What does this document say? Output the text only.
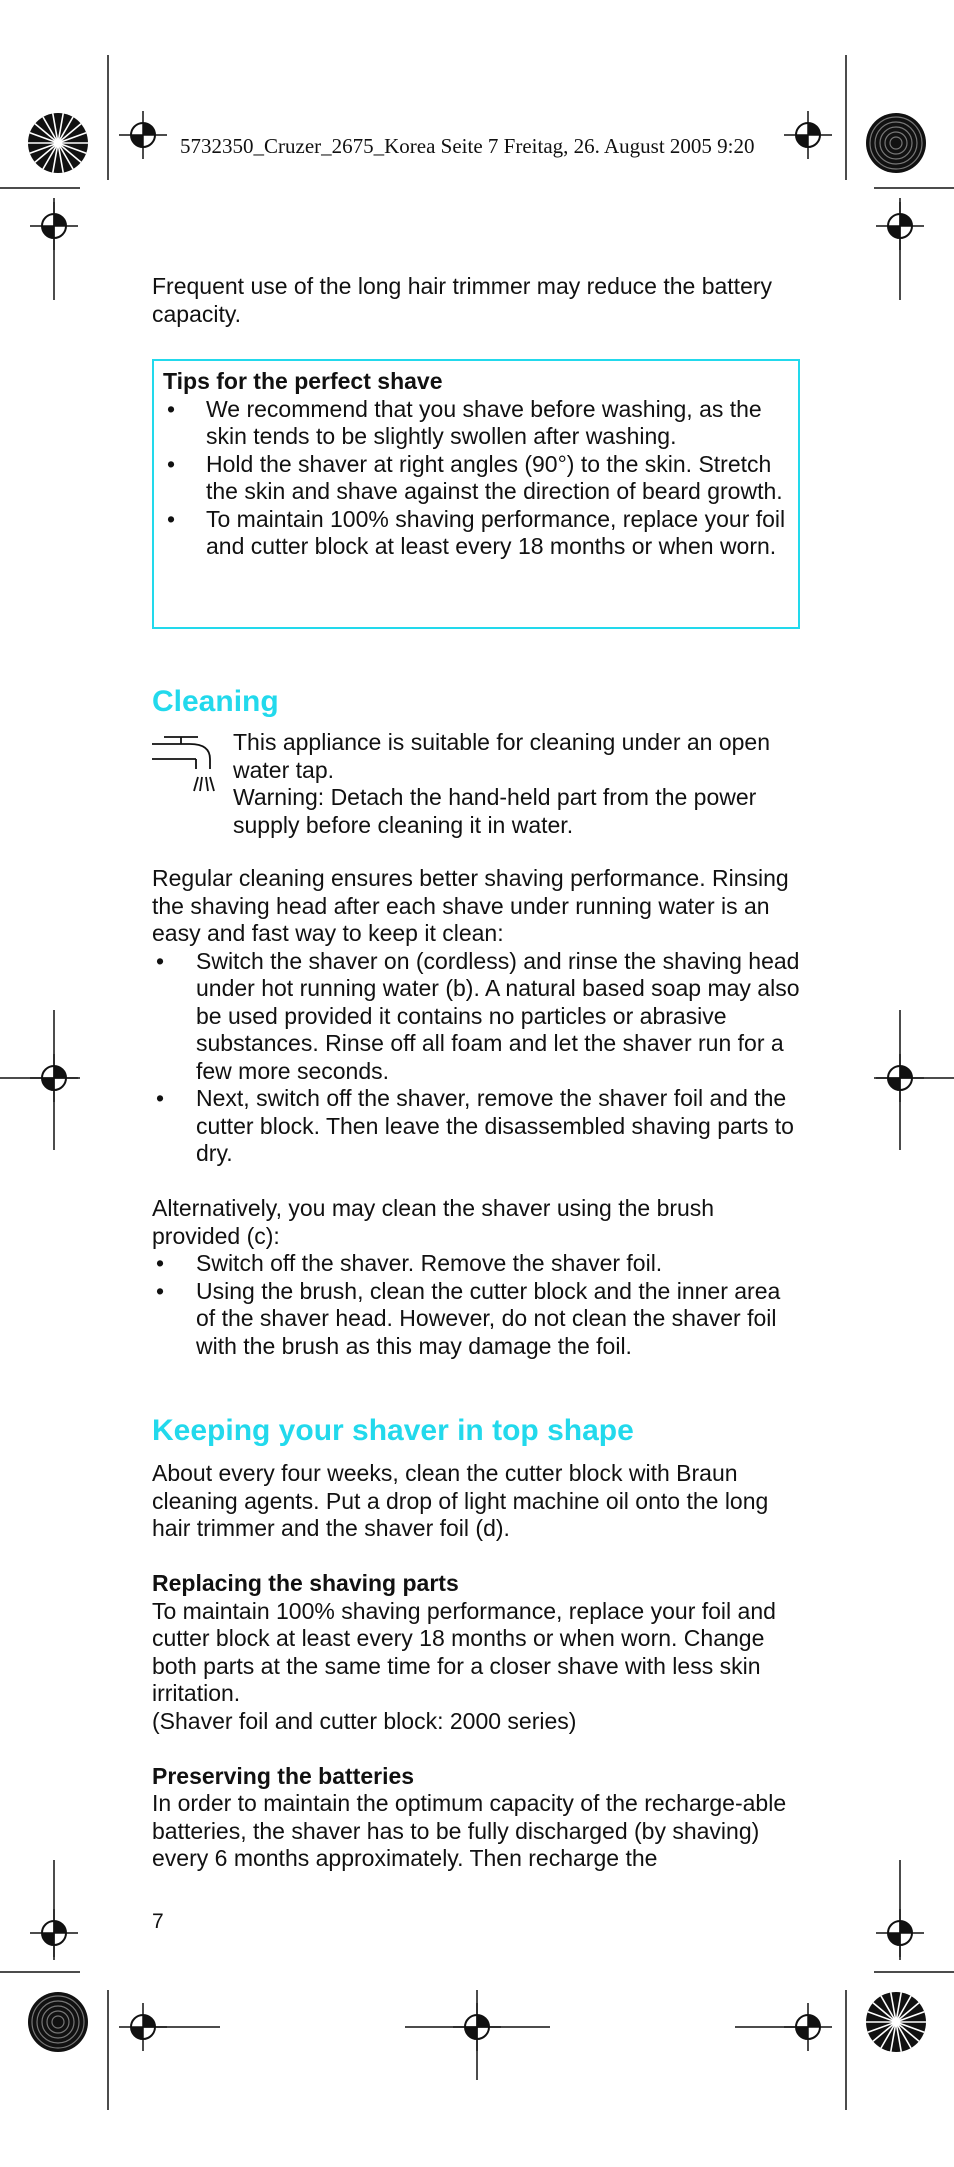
5732350_Cruzer_2675_Korea Seite 7 Freitag, 26. August 2005 9:20

Frequent use of the long hair trimmer may reduce the battery capacity.

Tips for the perfect shave

• We recommend that you shave before washing, as the skin tends to be slightly swollen after washing.
• Hold the shaver at right angles (90°) to the skin. Stretch the skin and shave against the direction of beard growth.
• To maintain 100% shaving performance, replace your foil and cutter block at least every 18 months or when worn.
Cleaning

This appliance is suitable for cleaning under an open water tap.

Warning: Detach the hand-held part from the power supply before cleaning it in water.

Regular cleaning ensures better shaving performance. Rinsing the shaving head after each shave under running water is an easy and fast way to keep it clean:

• Switch the shaver on (cordless) and rinse the shaving head under hot running water (b). A natural based soap may also be used provided it contains no particles or abrasive substances. Rinse off all foam and let the shaver run for a few more seconds.
• Next, switch off the shaver, remove the shaver foil and the cutter block. Then leave the disassembled shaving parts to dry.

Alternatively, you may clean the shaver using the brush provided (c):

• Switch off the shaver. Remove the shaver foil.
• Using the brush, clean the cutter block and the inner area of the shaver head. However, do not clean the shaver foil with the brush as this may damage the foil.
Keeping your shaver in top shape

About every four weeks, clean the cutter block with Braun cleaning agents. Put a drop of light machine oil onto the long hair trimmer and the shaver foil (d).

Replacing the shaving parts

To maintain 100% shaving performance, replace your foil and cutter block at least every 18 months or when worn. Change both parts at the same time for a closer shave with less skin irritation.

(Shaver foil and cutter block: 2000 series)

Preserving the batteries

In order to maintain the optimum capacity of the recharge-able batteries, the shaver has to be fully discharged (by shaving) every 6 months approximately. Then recharge the

7
